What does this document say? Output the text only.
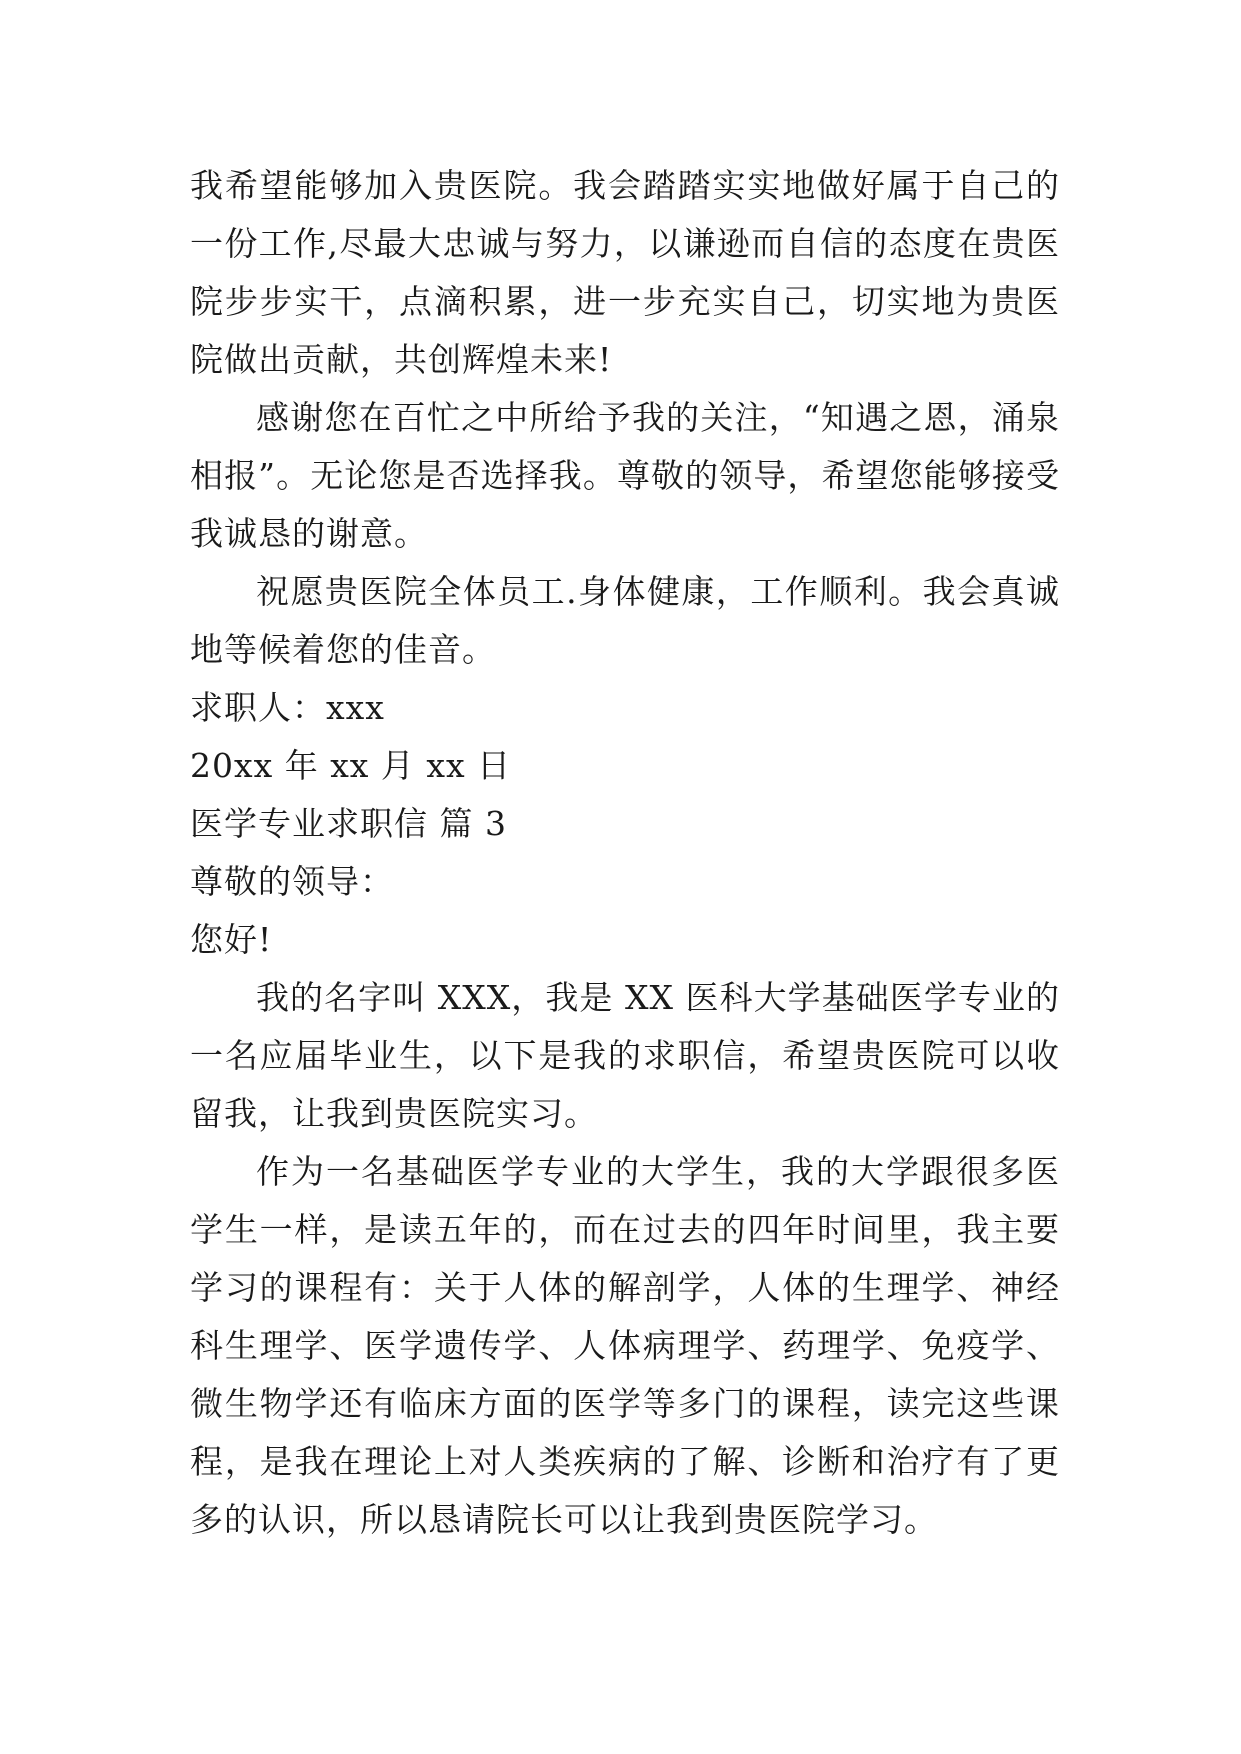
我希望能够加入贵医院。我会踏踏实实地做好属于自己的一份工作,尽最大忠诚与努力，以谦逊而自信的态度在贵医院步步实干，点滴积累，进一步充实自己，切实地为贵医院做出贡献，共创辉煌未来!

感谢您在百忙之中所给予我的关注，“知遇之恩，涌泉相报”。无论您是否选择我。尊敬的领导，希望您能够接受我诚恳的谢意。

祝愿贵医院全体员工.身体健康，工作顺利。我会真诚地等候着您的佳音。

求职人：xxx

20xx 年 xx 月 xx 日

医学专业求职信 篇 3

尊敬的领导：

您好!

我的名字叫 XXX，我是 XX 医科大学基础医学专业的一名应届毕业生，以下是我的求职信，希望贵医院可以收留我，让我到贵医院实习。

作为一名基础医学专业的大学生，我的大学跟很多医学生一样，是读五年的，而在过去的四年时间里，我主要学习的课程有：关于人体的解剖学，人体的生理学、神经科生理学、医学遗传学、人体病理学、药理学、免疫学、微生物学还有临床方面的医学等多门的课程，读完这些课程，是我在理论上对人类疾病的了解、诊断和治疗有了更多的认识，所以恳请院长可以让我到贵医院学习。
